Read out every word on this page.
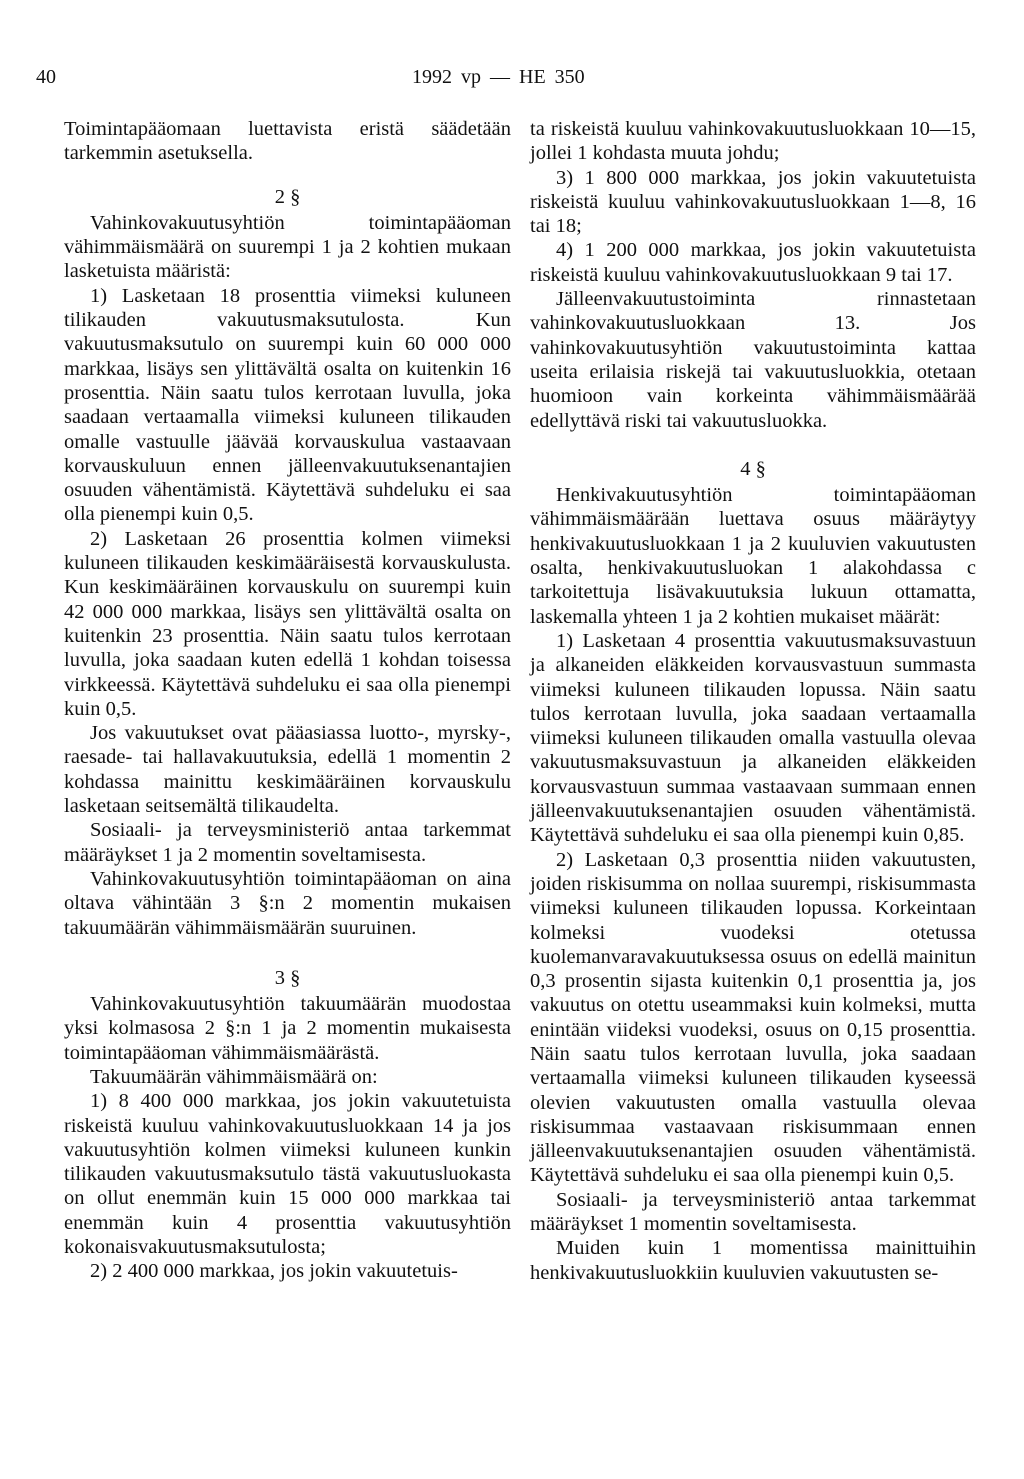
40	1992 vp — HE 350

Toimintapääomaan luettavista eristä säädetään tarkemmin asetuksella.

2 §

Vahinkovakuutusyhtiön toimintapääoman vähimmäismäärä on suurempi 1 ja 2 kohtien mukaan lasketuista määristä:

1) Lasketaan 18 prosenttia viimeksi kuluneen tilikauden vakuutusmaksutulosta. Kun vakuutusmaksutulo on suurempi kuin 60 000 000 markkaa, lisäys sen ylittävältä osalta on kuitenkin 16 prosenttia. Näin saatu tulos kerrotaan luvulla, joka saadaan vertaamalla viimeksi kuluneen tilikauden omalle vastuulle jäävää korvauskulua vastaavaan korvauskuluun ennen jälleenvakuutuksenantajien osuuden vähentämistä. Käytettävä suhdeluku ei saa olla pienempi kuin 0,5.

2) Lasketaan 26 prosenttia kolmen viimeksi kuluneen tilikauden keskimääräisestä korvauskulusta. Kun keskimääräinen korvauskulu on suurempi kuin 42 000 000 markkaa, lisäys sen ylittävältä osalta on kuitenkin 23 prosenttia. Näin saatu tulos kerrotaan luvulla, joka saadaan kuten edellä 1 kohdan toisessa virkkeessä. Käytettävä suhdeluku ei saa olla pienempi kuin 0,5.

Jos vakuutukset ovat pääasiassa luotto-, myrsky-, raesade- tai hallavakuutuksia, edellä 1 momentin 2 kohdassa mainittu keskimääräinen korvauskulu lasketaan seitsemältä tilikaudelta.

Sosiaali- ja terveysministeriö antaa tarkemmat määräykset 1 ja 2 momentin soveltamisesta.

Vahinkovakuutusyhtiön toimintapääoman on aina oltava vähintään 3 §:n 2 momentin mukaisen takuumäärän vähimmäismäärän suuruinen.

3 §

Vahinkovakuutusyhtiön takuumäärän muodostaa yksi kolmasosa 2 §:n 1 ja 2 momentin mukaisesta toimintapääoman vähimmäismäärästä.

Takuumäärän vähimmäismäärä on:

1) 8 400 000 markkaa, jos jokin vakuutetuista riskeistä kuuluu vahinkovakuutusluokkaan 14 ja jos vakuutusyhtiön kolmen viimeksi kuluneen kunkin tilikauden vakuutusmaksutulo tästä vakuutusluokasta on ollut enemmän kuin 15 000 000 markkaa tai enemmän kuin 4 prosenttia vakuutusyhtiön kokonaisvakuutusmaksutulosta;

2) 2 400 000 markkaa, jos jokin vakuutetuis-

ta riskeistä kuuluu vahinkovakuutusluokkaan 10—15, jollei 1 kohdasta muuta johdu;

3) 1 800 000 markkaa, jos jokin vakuutetuista riskeistä kuuluu vahinkovakuutusluokkaan 1—8, 16 tai 18;

4) 1 200 000 markkaa, jos jokin vakuutetuista riskeistä kuuluu vahinkovakuutusluokkaan 9 tai 17.

Jälleenvakuutustoiminta rinnastetaan vahinkovakuutusluokkaan 13. Jos vahinkovakuutusyhtiön vakuutustoiminta kattaa useita erilaisia riskejä tai vakuutusluokkia, otetaan huomioon vain korkeinta vähimmäismäärää edellyttävä riski tai vakuutusluokka.

4 §

Henkivakuutusyhtiön toimintapääoman vähimmäismäärään luettava osuus määräytyy henkivakuutusluokkaan 1 ja 2 kuuluvien vakuutusten osalta, henkivakuutusluokan 1 alakohdassa c tarkoitettuja lisävakuutuksia lukuun ottamatta, laskemalla yhteen 1 ja 2 kohtien mukaiset määrät:

1) Lasketaan 4 prosenttia vakuutusmaksuvastuun ja alkaneiden eläkkeiden korvausvastuun summasta viimeksi kuluneen tilikauden lopussa. Näin saatu tulos kerrotaan luvulla, joka saadaan vertaamalla viimeksi kuluneen tilikauden omalla vastuulla olevaa vakuutusmaksuvastuun ja alkaneiden eläkkeiden korvausvastuun summaa vastaavaan summaan ennen jälleenvakuutuksenantajien osuuden vähentämistä. Käytettävä suhdeluku ei saa olla pienempi kuin 0,85.

2) Lasketaan 0,3 prosenttia niiden vakuutusten, joiden riskisumma on nollaa suurempi, riskisummasta viimeksi kuluneen tilikauden lopussa. Korkeintaan kolmeksi vuodeksi otetussa kuolemanvaravakuutuksessa osuus on edellä mainitun 0,3 prosentin sijasta kuitenkin 0,1 prosenttia ja, jos vakuutus on otettu useammaksi kuin kolmeksi, mutta enintään viideksi vuodeksi, osuus on 0,15 prosenttia. Näin saatu tulos kerrotaan luvulla, joka saadaan vertaamalla viimeksi kuluneen tilikauden kyseessä olevien vakuutusten omalla vastuulla olevaa riskisummaa vastaavaan riskisummaan ennen jälleenvakuutuksenantajien osuuden vähentämistä. Käytettävä suhdeluku ei saa olla pienempi kuin 0,5.

Sosiaali- ja terveysministeriö antaa tarkemmat määräykset 1 momentin soveltamisesta.

Muiden kuin 1 momentissa mainittuihin henkivakuutusluokkiin kuuluvien vakuutusten se-
